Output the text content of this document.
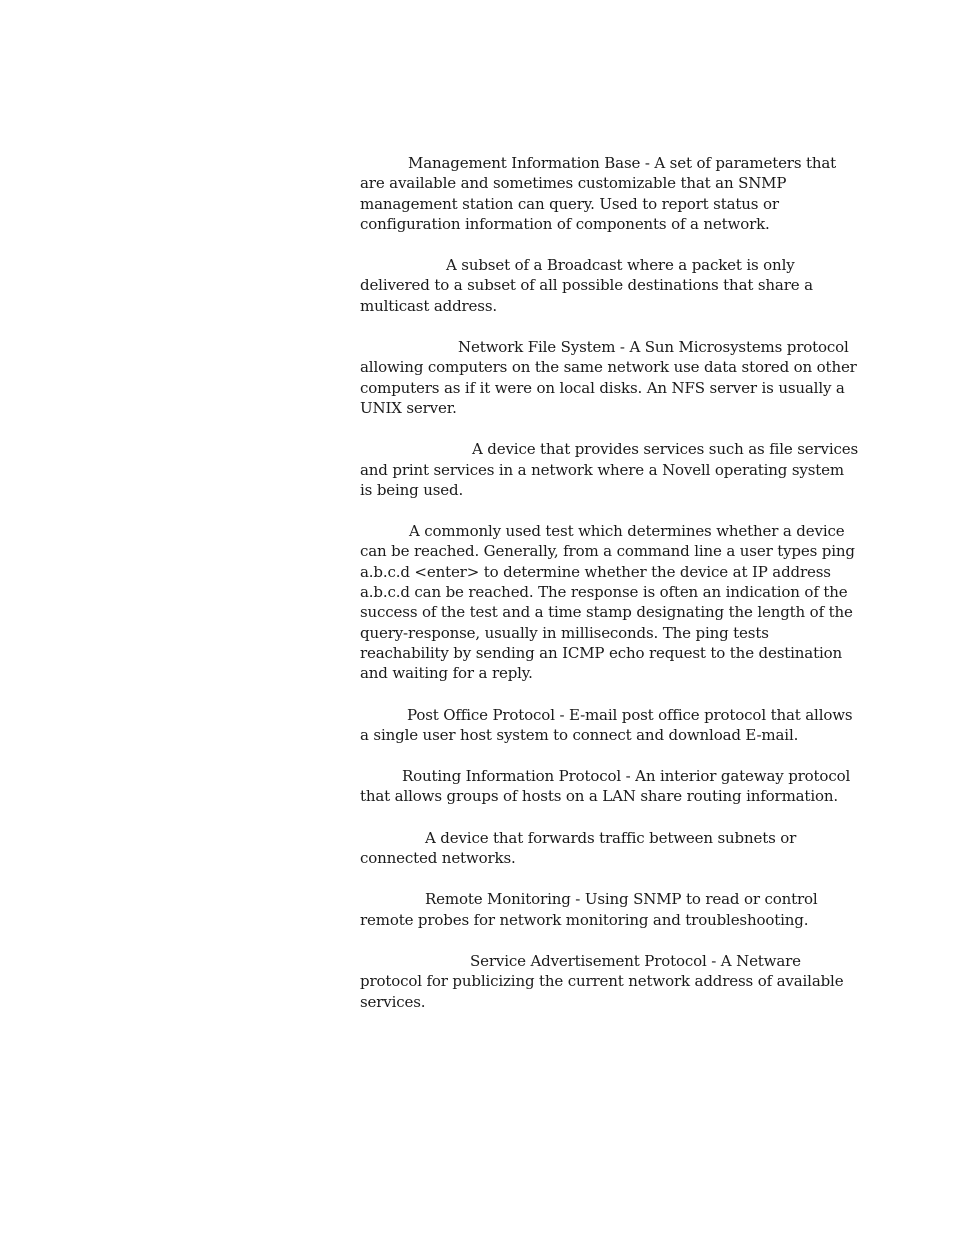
Management Information Base - A set of parameters that are available and sometimes customizable that an SNMP management station can query. Used to report status or configuration information of components of a network.

A subset of a Broadcast where a packet is only delivered to a subset of all possible destinations that share a multicast address.

Network File System - A Sun Microsystems protocol allowing computers on the same network use data stored on other computers as if it were on local disks. An NFS server is usually a UNIX server.

A device that provides services such as file services and print services in a network where a Novell operating system is being used.

A commonly used test which determines whether a device can be reached. Generally, from a command line a user types ping a.b.c.d <enter> to determine whether the device at IP address a.b.c.d can be reached. The response is often an indication of the success of the test and a time stamp designating the length of the query-response, usually in milliseconds. The ping tests reachability by sending an ICMP echo request to the destination and waiting for a reply.

Post Office Protocol - E-mail post office protocol that allows a single user host system to connect and download E-mail.

Routing Information Protocol - An interior gateway protocol that allows groups of hosts on a LAN share routing information.

A device that forwards traffic between subnets or connected networks.

Remote Monitoring - Using SNMP to read or control remote probes for network monitoring and troubleshooting.

Service Advertisement Protocol - A Netware protocol for publicizing the current network address of available services.
